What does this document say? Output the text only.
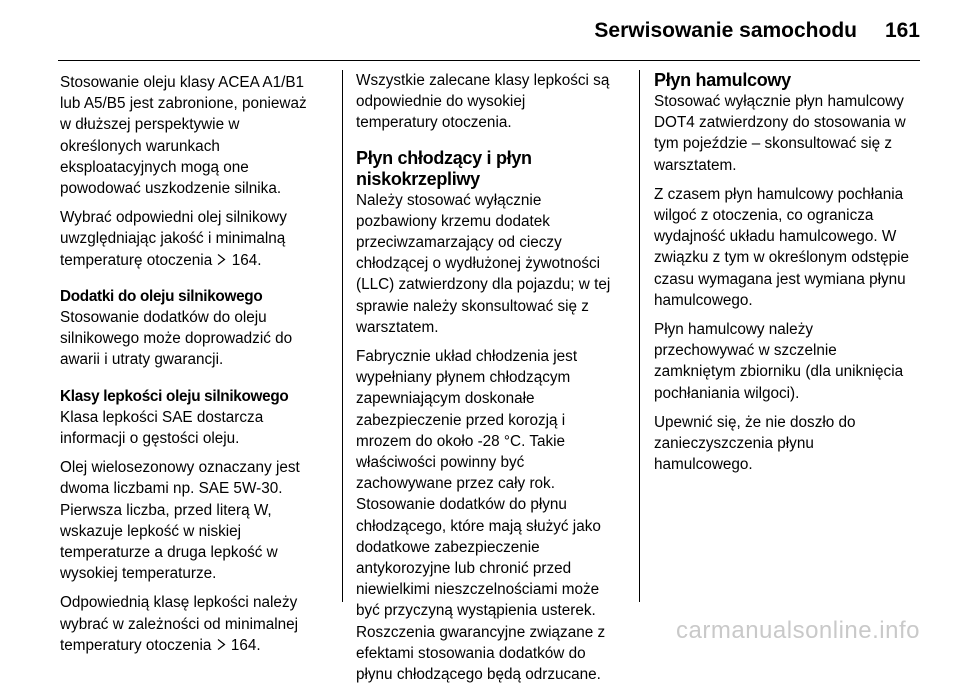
Serwisowanie samochodu	161

Stosowanie oleju klasy ACEA A1/B1
lub A5/B5 jest zabronione, ponieważ
w dłuższej perspektywie w
określonych warunkach
eksploatacyjnych mogą one
powodować uszkodzenie silnika.

Wybrać odpowiedni olej silnikowy
uwzględniając jakość i minimalną
temperaturę otoczenia  164.

Dodatki do oleju silnikowego

Stosowanie dodatków do oleju
silnikowego może doprowadzić do
awarii i utraty gwarancji.

Klasy lepkości oleju silnikowego

Klasa lepkości SAE dostarcza
informacji o gęstości oleju.

Olej wielosezonowy oznaczany jest
dwoma liczbami np. SAE 5W-30.
Pierwsza liczba, przed literą W,
wskazuje lepkość w niskiej
temperaturze a druga lepkość w
wysokiej temperaturze.

Odpowiednią klasę lepkości należy
wybrać w zależności od minimalnej
temperatury otoczenia  164.

Wszystkie zalecane klasy lepkości są
odpowiednie do wysokiej
temperatury otoczenia.

Płyn chłodzący i płyn
niskokrzepliwy

Należy stosować wyłącznie
pozbawiony krzemu dodatek
przeciwzamarzający od cieczy
chłodzącej o wydłużonej żywotności
(LLC) zatwierdzony dla pojazdu; w tej
sprawie należy skonsultować się z
warsztatem.

Fabrycznie układ chłodzenia jest
wypełniany płynem chłodzącym
zapewniającym doskonałe
zabezpieczenie przed korozją i
mrozem do około -28 °C. Takie
właściwości powinny być
zachowywane przez cały rok.
Stosowanie dodatków do płynu
chłodzącego, które mają służyć jako
dodatkowe zabezpieczenie
antykorozyjne lub chronić przed
niewielkimi nieszczelnościami może
być przyczyną wystąpienia usterek.
Roszczenia gwarancyjne związane z
efektami stosowania dodatków do
płynu chłodzącego będą odrzucane.

Płyn hamulcowy

Stosować wyłącznie płyn hamulcowy
DOT4 zatwierdzony do stosowania w
tym pojeździe – skonsultować się z
warsztatem.

Z czasem płyn hamulcowy pochłania
wilgoć z otoczenia, co ogranicza
wydajność układu hamulcowego. W
związku z tym w określonym odstępie
czasu wymagana jest wymiana płynu
hamulcowego.

Płyn hamulcowy należy
przechowywać w szczelnie
zamkniętym zbiorniku (dla uniknięcia
pochłaniania wilgoci).

Upewnić się, że nie doszło do
zanieczyszczenia płynu
hamulcowego.

carmanualsonline.info
